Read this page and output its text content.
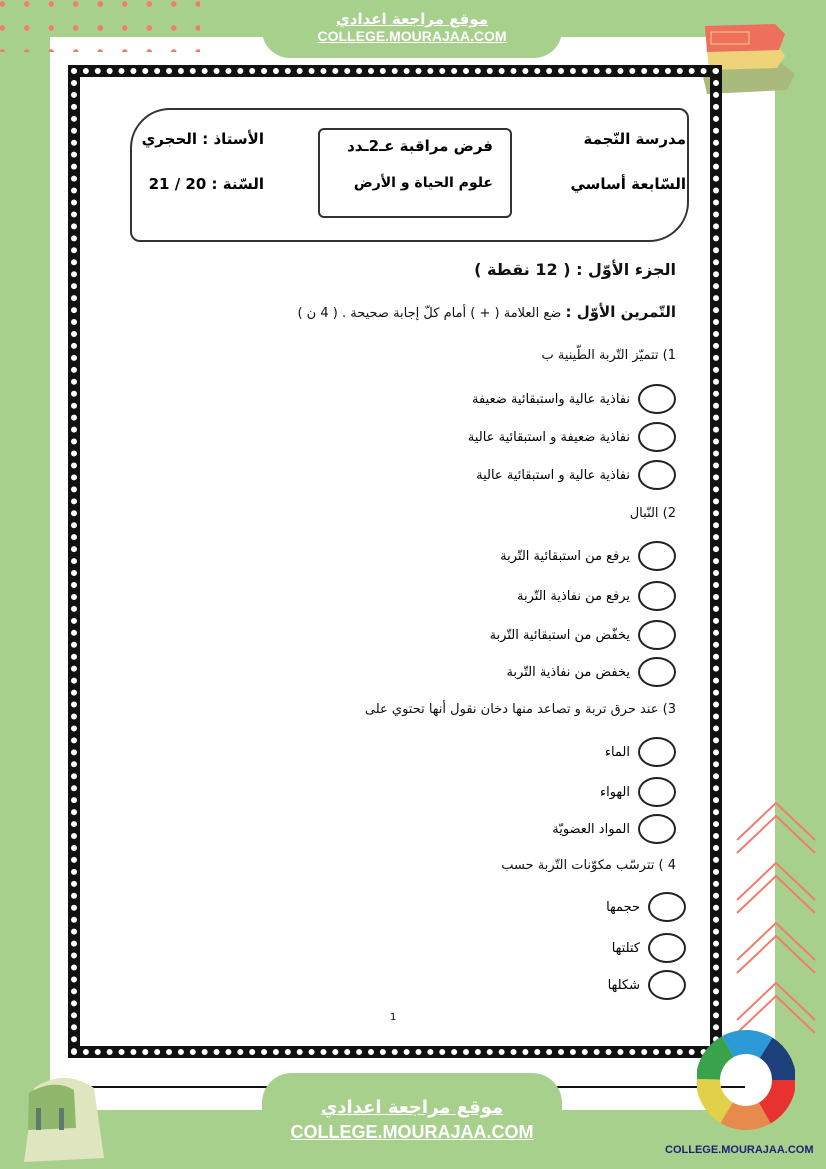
موقع مراجعة اعدادي
COLLEGE.MOURAJAA.COM
مدرسة النّجمة
السّابعة أساسي
فرض مراقبة عـ2ـدد
علوم الحياة و الأرض
الأستاذ : الحجري
السّنة : 20 / 21
الجزء الأوّل : ( 12 نقطة )
التّمرين الأوّل : ضع العلامة ( + ) أمام كلّ إجابة صحيحة . ( 4 ن )
1) تتميّز التّربة الطّينية ب
نفاذية عالية واستبقائية ضعيفة
نفاذية ضعيفة و استبقائية عالية
نفاذية عالية و استبقائية عالية
2) النّبال
يرفع من استبقائية التّربة
يرفع من نفاذية التّربة
يخفّض من استبقائية التّربة
يخفض من نفاذية التّربة
3) عند حرق تربة و تصاعد منها دخان نقول أنها تحتوي على
الماء
الهواء
المواد العضويّة
4 ) تترسّب مكوّنات التّربة حسب
حجمها
كتلتها
شكلها
1
موقع مراجعة اعدادي
COLLEGE.MOURAJAA.COM
COLLEGE.MOURAJAA.COM
